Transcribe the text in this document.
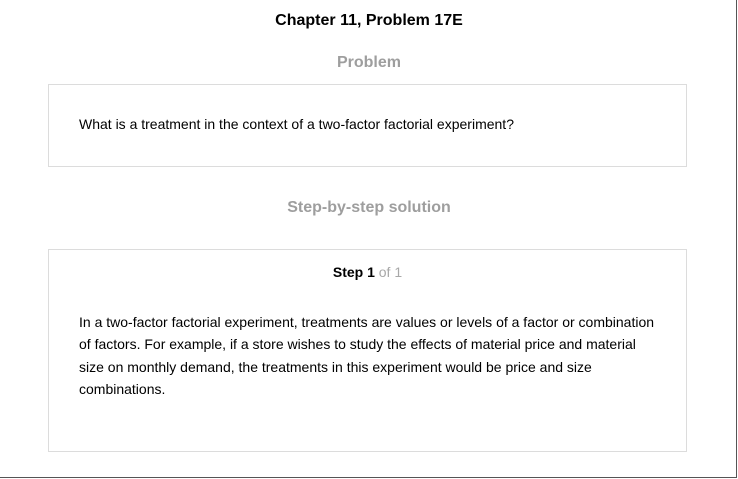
Chapter 11, Problem 17E
Problem
What is a treatment in the context of a two-factor factorial experiment?
Step-by-step solution
Step 1 of 1
In a two-factor factorial experiment, treatments are values or levels of a factor or combination of factors. For example, if a store wishes to study the effects of material price and material size on monthly demand, the treatments in this experiment would be price and size combinations.
